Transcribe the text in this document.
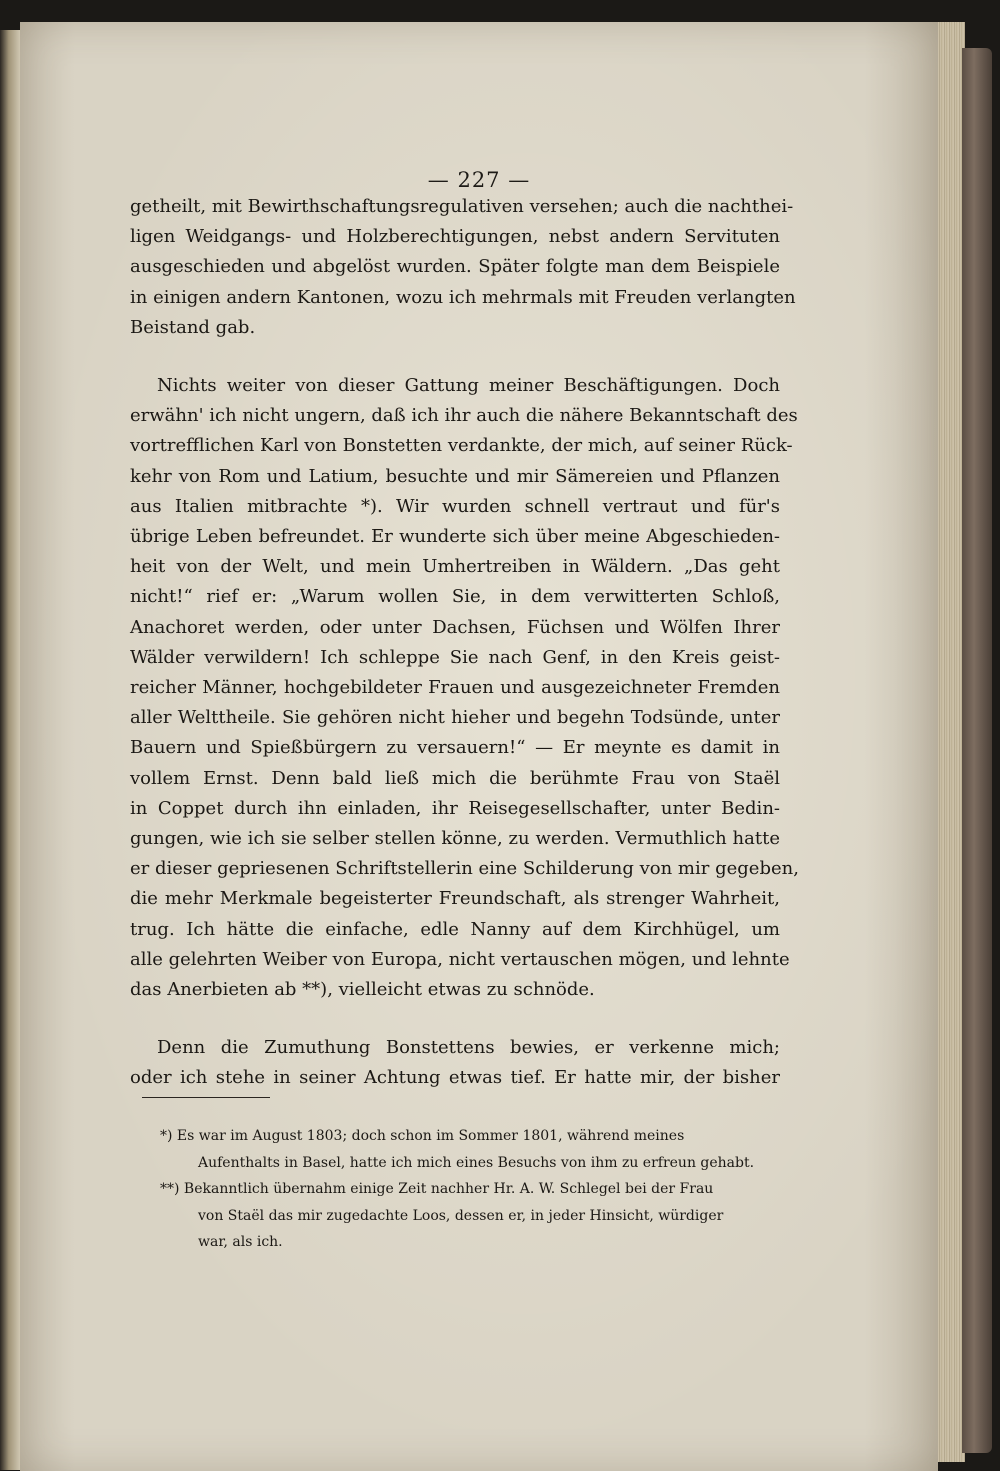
— 227 —
getheilt, mit Bewirthschaftungsregulativen versehen; auch die nachthei-
ligen Weidgangs- und Holzberechtigungen, nebst andern Servituten
ausgeschieden und abgelöst wurden. Später folgte man dem Beispiele
in einigen andern Kantonen, wozu ich mehrmals mit Freuden verlangten
Beistand gab.
Nichts weiter von dieser Gattung meiner Beschäftigungen. Doch
erwähn' ich nicht ungern, daß ich ihr auch die nähere Bekanntschaft des
vortrefflichen Karl von Bonstetten verdankte, der mich, auf seiner Rück-
kehr von Rom und Latium, besuchte und mir Sämereien und Pflanzen
aus Italien mitbrachte *). Wir wurden schnell vertraut und für's
übrige Leben befreundet. Er wunderte sich über meine Abgeschieden-
heit von der Welt, und mein Umhertreiben in Wäldern. „Das geht
nicht!“ rief er: „Warum wollen Sie, in dem verwitterten Schloß,
Anachoret werden, oder unter Dachsen, Füchsen und Wölfen Ihrer
Wälder verwildern! Ich schleppe Sie nach Genf, in den Kreis geist-
reicher Männer, hochgebildeter Frauen und ausgezeichneter Fremden
aller Welttheile. Sie gehören nicht hieher und begehn Todsünde, unter
Bauern und Spießbürgern zu versauern!“ — Er meynte es damit in
vollem Ernst. Denn bald ließ mich die berühmte Frau von Staël
in Coppet durch ihn einladen, ihr Reisegesellschafter, unter Bedin-
gungen, wie ich sie selber stellen könne, zu werden. Vermuthlich hatte
er dieser gepriesenen Schriftstellerin eine Schilderung von mir gegeben,
die mehr Merkmale begeisterter Freundschaft, als strenger Wahrheit,
trug. Ich hätte die einfache, edle Nanny auf dem Kirchhügel, um
alle gelehrten Weiber von Europa, nicht vertauschen mögen, und lehnte
das Anerbieten ab **), vielleicht etwas zu schnöde.
Denn die Zumuthung Bonstettens bewies, er verkenne mich;
oder ich stehe in seiner Achtung etwas tief. Er hatte mir, der bisher
*) Es war im August 1803; doch schon im Sommer 1801, während meines
Aufenthalts in Basel, hatte ich mich eines Besuchs von ihm zu erfreun gehabt.
**) Bekanntlich übernahm einige Zeit nachher Hr. A. W. Schlegel bei der Frau
von Staël das mir zugedachte Loos, dessen er, in jeder Hinsicht, würdiger
war, als ich.
